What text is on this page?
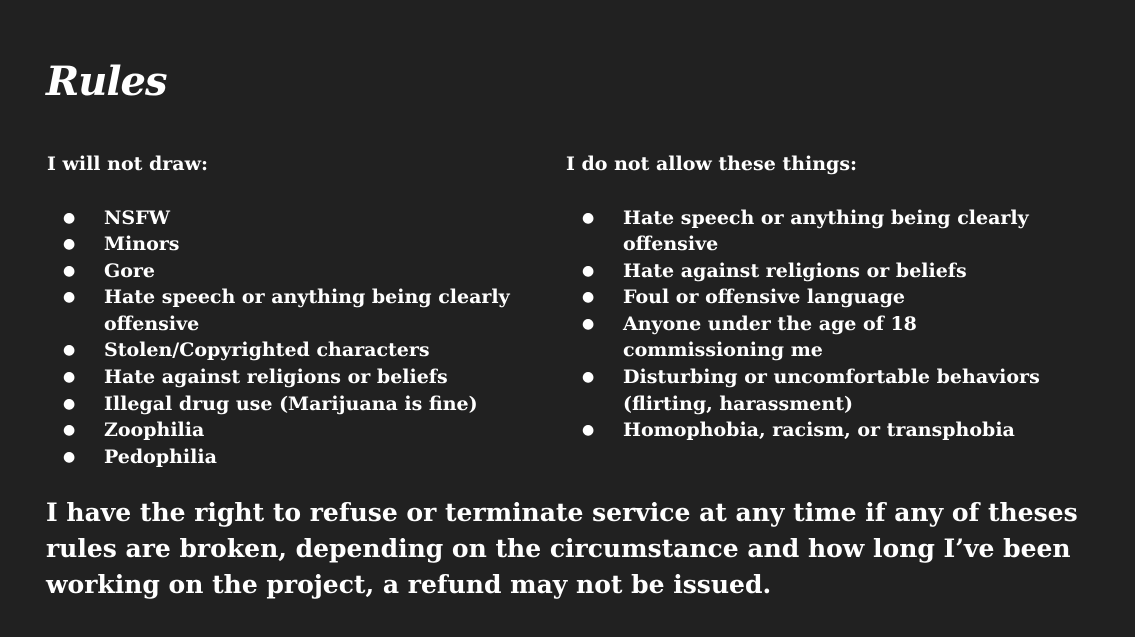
Rules
I will not draw:
● NSFW
● Minors
● Gore
● Hate speech or anything being clearly offensive
● Stolen/Copyrighted characters
● Hate against religions or beliefs
● Illegal drug use (Marijuana is fine)
● Zoophilia
● Pedophilia
I do not allow these things:
● Hate speech or anything being clearly offensive
● Hate against religions or beliefs
● Foul or offensive language
● Anyone under the age of 18 commissioning me
● Disturbing or uncomfortable behaviors (flirting, harassment)
● Homophobia, racism, or transphobia

I have the right to refuse or terminate service at any time if any of theses rules are broken, depending on the circumstance and how long I’ve been working on the project, a refund may not be issued.
